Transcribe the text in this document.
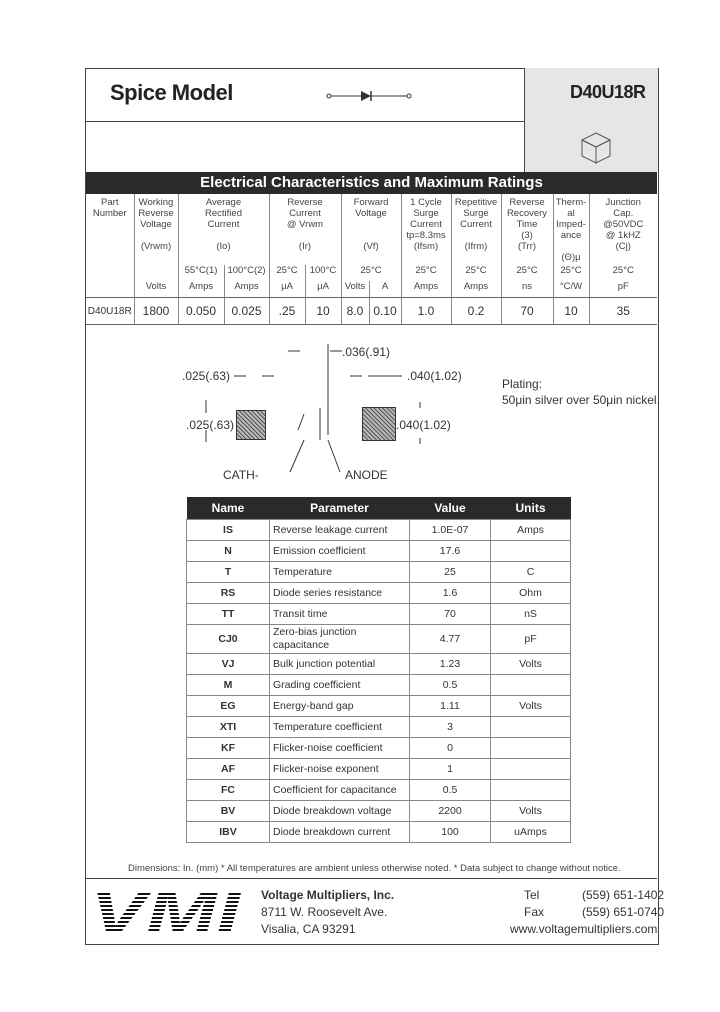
Spice Model	D40U18R
Electrical Characteristics and Maximum Ratings
Part
Number	Working
Reverse
Voltage

(Vrwm)	Average
Rectified
Current

(Io)		Reverse
Current
@ Vrwm

(Ir)		Forward
Voltage

(Vf)		1 Cycle
Surge
Current
tp=8.3ms
(Ifsm)	Repetitive
Surge
Current

(Ifrm)	Reverse
Recovery
Time
(3)
(Trr)	Therm-
al
Imped-
ance

(Θ)μ	Junction
Cap.
@50VDC
@ 1kHZ
(Cj)
		55°C(1)	100°C(2)	25°C	100°C	25°C		25°C	25°C	25°C	25°C	25°C
	Volts	Amps	Amps	μA	μA	Volts	A	Amps	Amps	ns	°C/W	pF
D40U18R	1800	0.050	0.025	.25	10	8.0	0.10	1.0	0.2	70	10	35
.036(.91)
.025(.63)
.025(.63)
.040(1.02)
.040(1.02)
CATH-	ANODE
Plating:
50μin silver over 50μin nickel.
Name	Parameter	Value	Units
IS	Reverse leakage current	1.0E-07	Amps
N	Emission coefficient	17.6	
T	Temperature	25	C
RS	Diode series resistance	1.6	Ohm
TT	Transit time	70	nS
CJ0	Zero-bias junction capacitance	4.77	pF
VJ	Bulk junction potential	1.23	Volts
M	Grading coefficient	0.5	
EG	Energy-band gap	1.11	Volts
XTI	Temperature coefficient	3	
KF	Flicker-noise coefficient	0	
AF	Flicker-noise exponent	1	
FC	Coefficient for capacitance	0.5	
BV	Diode breakdown voltage	2200	Volts
IBV	Diode breakdown current	100	uAmps
Dimensions: In. (mm) * All temperatures are ambient unless otherwise noted. * Data subject to change without notice.
VMI Voltage Multipliers, Inc.
8711 W. Roosevelt Ave.
Visalia, CA 93291
Tel	(559) 651-1402
Fax	(559) 651-0740
www.voltagemultipliers.com
